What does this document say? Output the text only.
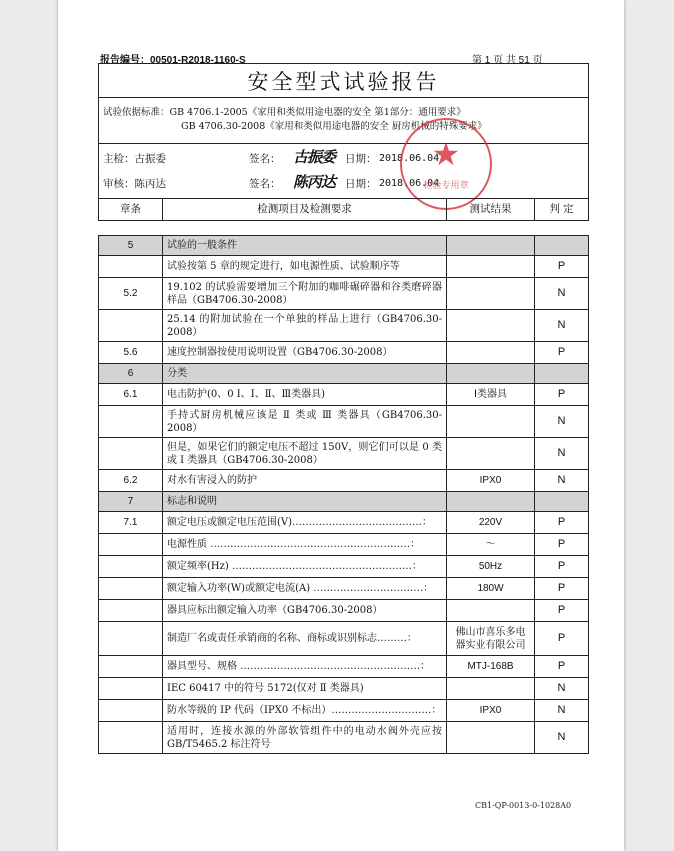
报告编号：00501-R2018-1160-S	第 1 页 共 51 页
安全型式试验报告
试验依据标准：GB 4706.1-2005《家用和类似用途电器的安全 第1部分：通用要求》
GB 4706.30-2008《家用和类似用途电器的安全 厨房机械的特殊要求》
主检：古振委	签名： 古振委 日期： 2018.06.04
审核：陈丙达	签名： 陈丙达 日期： 2018.06.04
★
检验专用章
章条	检测项目及检测要求	测试结果	判 定
5	试验的一般条件		
	试验按第 5 章的规定进行，如电源性质、试验顺序等		P
5.2	19.102 的试验需要增加三个附加的咖啡碾碎器和谷类磨碎器样品（GB4706.30-2008）		N
	25.14 的附加试验在一个单独的样品上进行（GB4706.30-2008）		N
5.6	速度控制器按使用说明设置（GB4706.30-2008）		P
6	分类		
6.1	电击防护(0、0 Ⅰ、Ⅰ、Ⅱ、Ⅲ类器具)	Ⅰ类器具	P
	手持式厨房机械应该是 Ⅱ 类或 Ⅲ 类器具（GB4706.30-2008）		N
	但是，如果它们的额定电压不超过 150V，则它们可以是 0 类或 Ⅰ 类器具（GB4706.30-2008）		N
6.2	对水有害浸入的防护	IPX0	N
7	标志和说明		
7.1	额定电压或额定电压范围(V)…………………………………：	220V	P
	电源性质 ……………………………………………………：	～	P
	额定频率(Hz) ………………………………………………：	50Hz	P
	额定输入功率(W)或额定电流(A) ……………………………：	180W	P
	器具应标出额定输入功率（GB4706.30-2008）		P
	制造厂名或责任承销商的名称、商标或识别标志………：	佛山市喜乐多电器实业有限公司	P
	器具型号、规格 ………………………………………………：	MTJ-168B	P
	IEC 60417 中的符号 5172(仅对 Ⅱ 类器具)		N
	防水等级的 IP 代码（IPX0 不标出）…………………………：	IPX0	N
	适用时，连接水源的外部软管组件中的电动水阀外壳应按 GB/T5465.2 标注符号		N
CB1-QP-0013-0-1028A0
